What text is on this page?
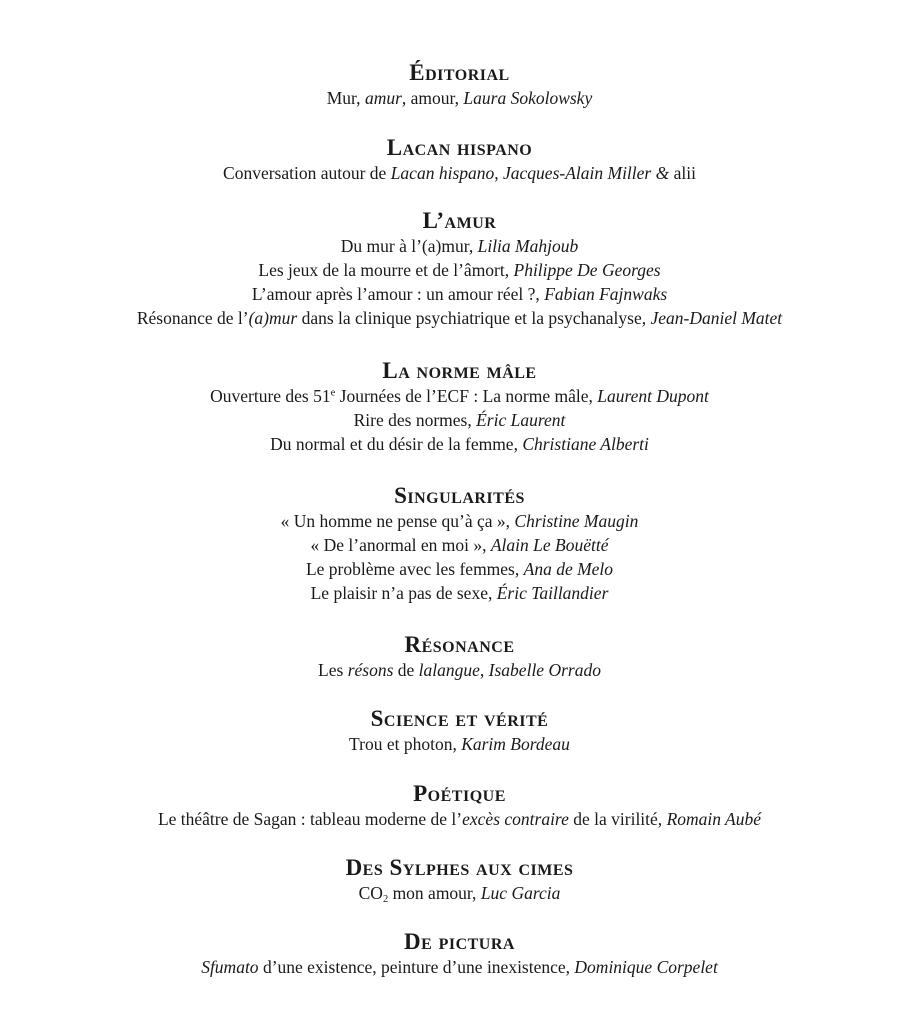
Éditorial
Mur, amur, amour, Laura Sokolowsky
Lacan hispano
Conversation autour de Lacan hispano, Jacques-Alain Miller & alii
L’amur
Du mur à l’(a)mur, Lilia Mahjoub
Les jeux de la mourre et de l’âmort, Philippe De Georges
L’amour après l’amour : un amour réel ?, Fabian Fajnwaks
Résonance de l’(a)mur dans la clinique psychiatrique et la psychanalyse, Jean-Daniel Matet
La norme mâle
Ouverture des 51e Journées de l’ECF : La norme mâle, Laurent Dupont
Rire des normes, Éric Laurent
Du normal et du désir de la femme, Christiane Alberti
Singularités
« Un homme ne pense qu’à ça », Christine Maugin
« De l’anormal en moi », Alain Le Bouëtté
Le problème avec les femmes, Ana de Melo
Le plaisir n’a pas de sexe, Éric Taillandier
Résonance
Les résons de lalangue, Isabelle Orrado
Science et vérité
Trou et photon, Karim Bordeau
Poétique
Le théâtre de Sagan : tableau moderne de l’excès contraire de la virilité, Romain Aubé
Des Sylphes aux cimes
$CO_2$ mon amour, Luc Garcia
De pictura
Sfumato d’une existence, peinture d’une inexistence, Dominique Corpelet
